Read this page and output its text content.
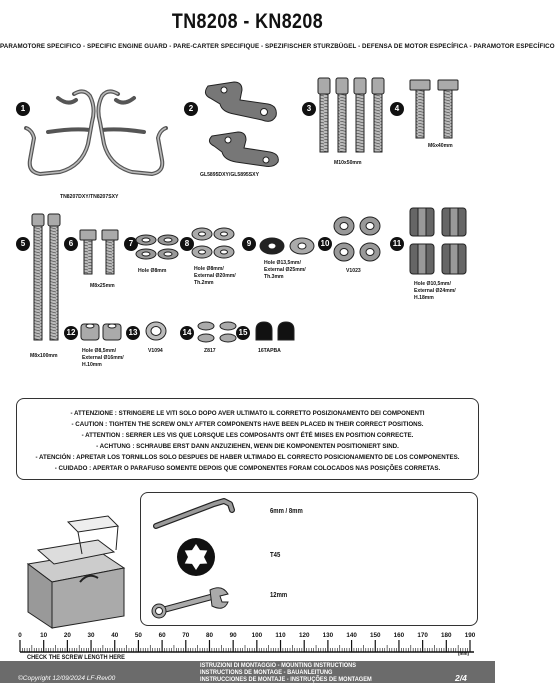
TN8208 - KN8208
PARAMOTORE SPECIFICO - SPECIFIC ENGINE GUARD - PARE-CARTER SPECIFIQUE - SPEZIFISCHER STURZBÜGEL - DEFENSA DE MOTOR ESPECÍFICA - PARAMOTOR ESPECÍFICO
1
TN8207DXY/TN8207SXY
2
GL5895DXY/GL5895SXY
3
M10x50mm
4
M6x40mm
5
M8x100mm
6
M8x25mm
7
Hole Ø8mm
8
Hole Ø8mm/
External Ø20mm/
Th.2mm
9
Hole Ø13,5mm/
External Ø25mm/
Th.3mm
10
V1023
11
Hole Ø10,5mm/
External Ø24mm/
H.18mm
12
Hole Ø8,5mm/
External Ø16mm/
H.10mm
13
V1094
14
Z817
15
16TAPBA
- ATTENZIONE : STRINGERE LE VITI SOLO DOPO AVER ULTIMATO IL CORRETTO POSIZIONAMENTO DEI COMPONENTI
- CAUTION : TIGHTEN THE SCREW ONLY AFTER COMPONENTS HAVE BEEN PLACED IN THEIR CORRECT POSITIONS.
- ATTENTION : SERRER LES VIS QUE LORSQUE LES COMPOSANTS ONT ÉTÉ MISES EN POSITION CORRECTE.
- ACHTUNG : SCHRAUBE ERST DANN ANZUZIEHEN, WENN DIE KOMPONENTEN POSITIONIERT SIND.
- ATENCIÓN : APRETAR LOS TORNILLOS SOLO DESPUES DE HABER ULTIMADO EL CORRECTO POSICIONAMIENTO DE LOS COMPONENTES.
- CUIDADO : APERTAR O PARAFUSO SOMENTE DEPOIS QUE COMPONENTES FORAM COLOCADOS NAS POSIÇÕES CORRETAS.
6mm / 8mm
T45
12mm
0	10	20	30	40	50	60	70	80	90	100	110	120	130	140	150	160	170	180	190
(mm)
CHECK THE SCREW LENGTH HERE
ISTRUZIONI DI MONTAGGIO - MOUNTING INSTRUCTIONS
INSTRUCTIONS DE MONTAGE - BAUANLEITUNG
INSTRUCCIONES DE MONTAJE - INSTRUÇÕES DE MONTAGEM
©Copyright 12/09/2024 LF-Rev00	2/4
